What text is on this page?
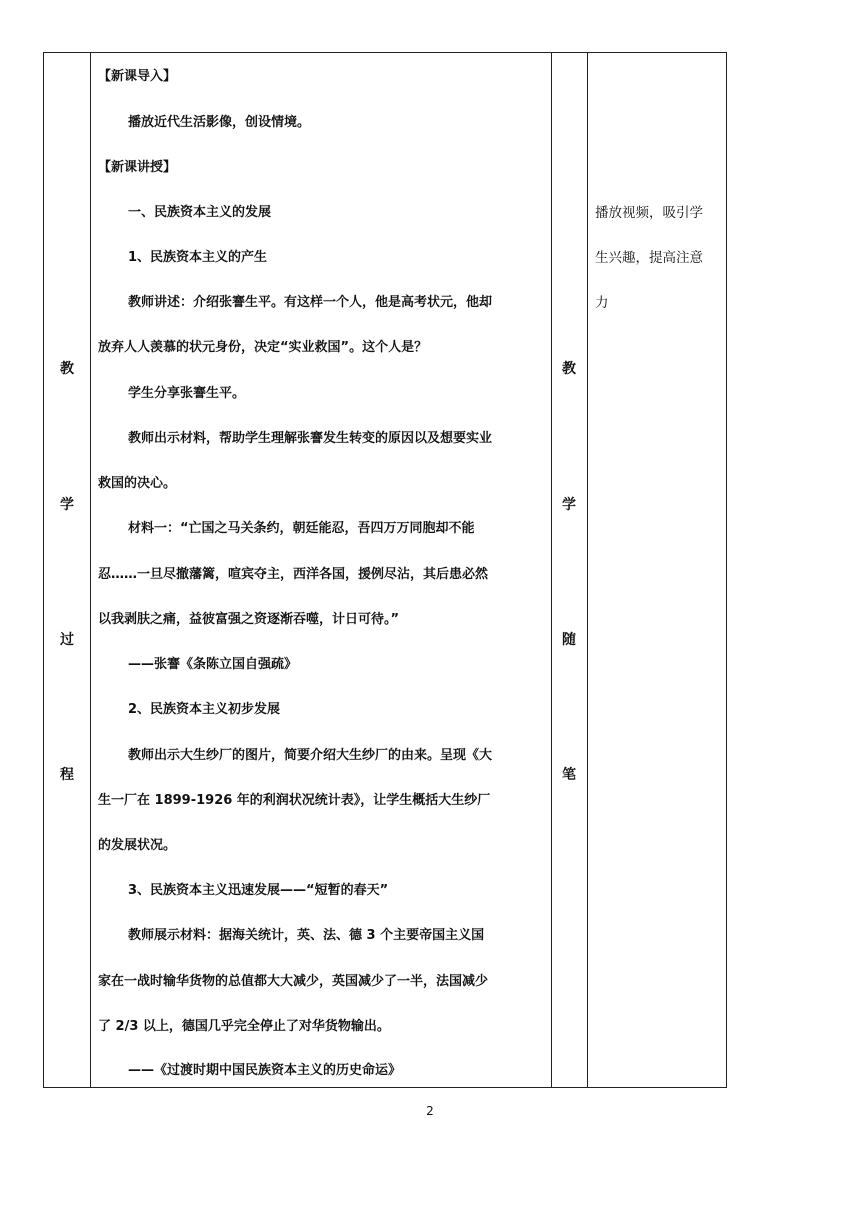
教
学
过
程
教
学
随
笔
【新课导入】
播放近代生活影像，创设情境。
【新课讲授】
一、民族资本主义的发展
1、民族资本主义的产生
教师讲述：介绍张謇生平。有这样一个人，他是高考状元，他却
放弃人人羡慕的状元身份，决定“实业救国”。这个人是？
学生分享张謇生平。
教师出示材料，帮助学生理解张謇发生转变的原因以及想要实业
救国的决心。
材料一：“亡国之马关条约，朝廷能忍，吾四万万同胞却不能
忍……一旦尽撤藩篱，喧宾夺主，西洋各国，援例尽沾，其后患必然
以我剥肤之痛，益彼富强之资逐渐吞噬，计日可待。”
——张謇《条陈立国自强疏》
2、民族资本主义初步发展
教师出示大生纱厂的图片，简要介绍大生纱厂的由来。呈现《大
生一厂在 1899-1926 年的利润状况统计表》，让学生概括大生纱厂
的发展状况。
3、民族资本主义迅速发展——“短暂的春天”
教师展示材料：据海关统计，英、法、德 3 个主要帝国主义国
家在一战时输华货物的总值都大大减少，英国减少了一半，法国减少
了 2/3 以上，德国几乎完全停止了对华货物输出。
——《过渡时期中国民族资本主义的历史命运》
播放视频，吸引学
生兴趣，提高注意
力
2
